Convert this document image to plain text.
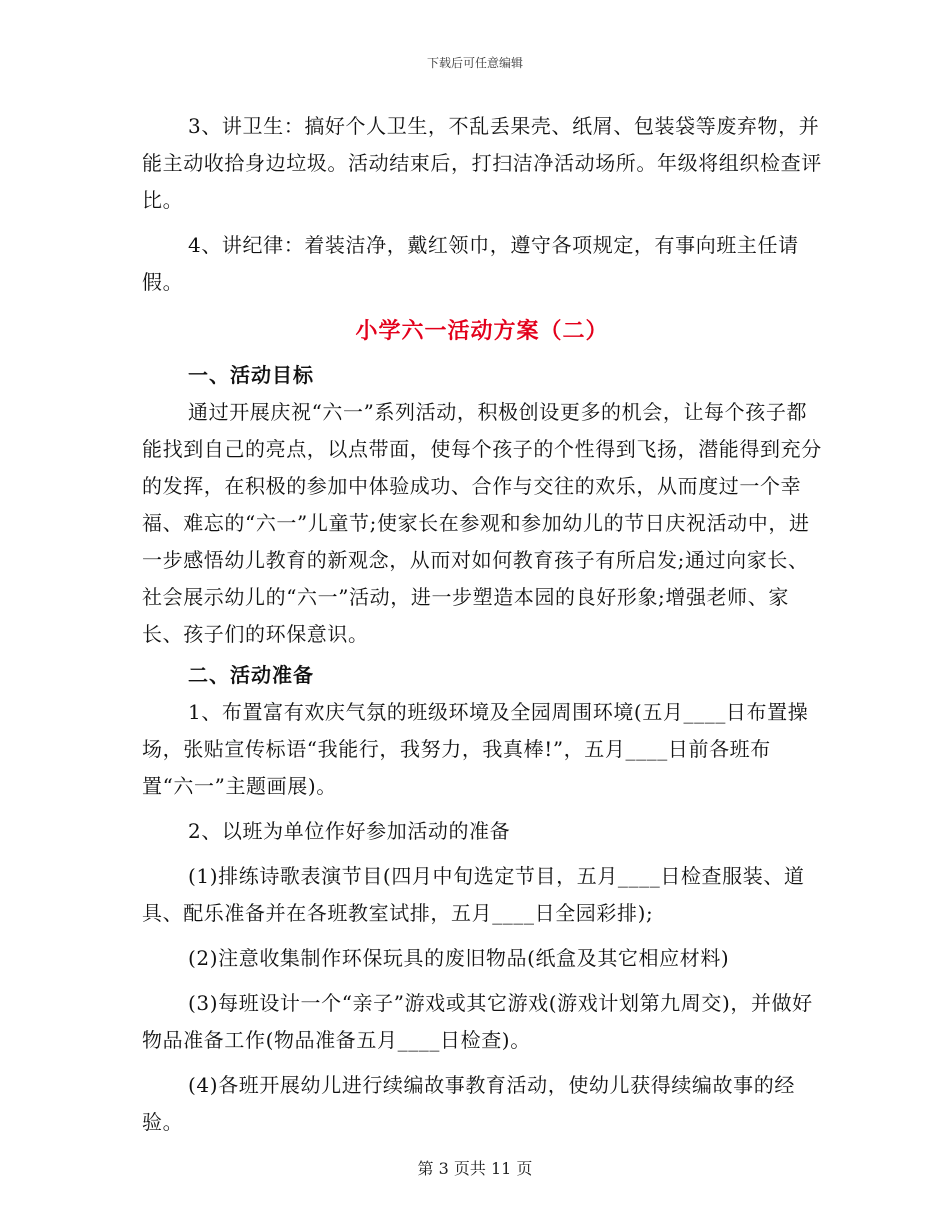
下载后可任意编辑

3、讲卫生：搞好个人卫生，不乱丢果壳、纸屑、包装袋等废弃物，并能主动收拾身边垃圾。活动结束后，打扫洁净活动场所。年级将组织检查评比。

4、讲纪律：着装洁净，戴红领巾，遵守各项规定，有事向班主任请假。

小学六一活动方案（二）
一、活动目标

通过开展庆祝“六一”系列活动，积极创设更多的机会，让每个孩子都能找到自己的亮点，以点带面，使每个孩子的个性得到飞扬，潜能得到充分的发挥，在积极的参加中体验成功、合作与交往的欢乐，从而度过一个幸福、难忘的“六一”儿童节;使家长在参观和参加幼儿的节日庆祝活动中，进一步感悟幼儿教育的新观念，从而对如何教育孩子有所启发;通过向家长、社会展示幼儿的“六一”活动，进一步塑造本园的良好形象;增强老师、家长、孩子们的环保意识。

二、活动准备

1、布置富有欢庆气氛的班级环境及全园周围环境(五月____日布置操场，张贴宣传标语“我能行，我努力，我真棒!”，五月____日前各班布置“六一”主题画展)。

2、以班为单位作好参加活动的准备

(1)排练诗歌表演节目(四月中旬选定节目，五月____日检查服装、道具、配乐准备并在各班教室试排，五月____日全园彩排);

(2)注意收集制作环保玩具的废旧物品(纸盒及其它相应材料)

(3)每班设计一个“亲子”游戏或其它游戏(游戏计划第九周交)，并做好物品准备工作(物品准备五月____日检查)。

(4)各班开展幼儿进行续编故事教育活动，使幼儿获得续编故事的经验。

第 3 页共 11 页
